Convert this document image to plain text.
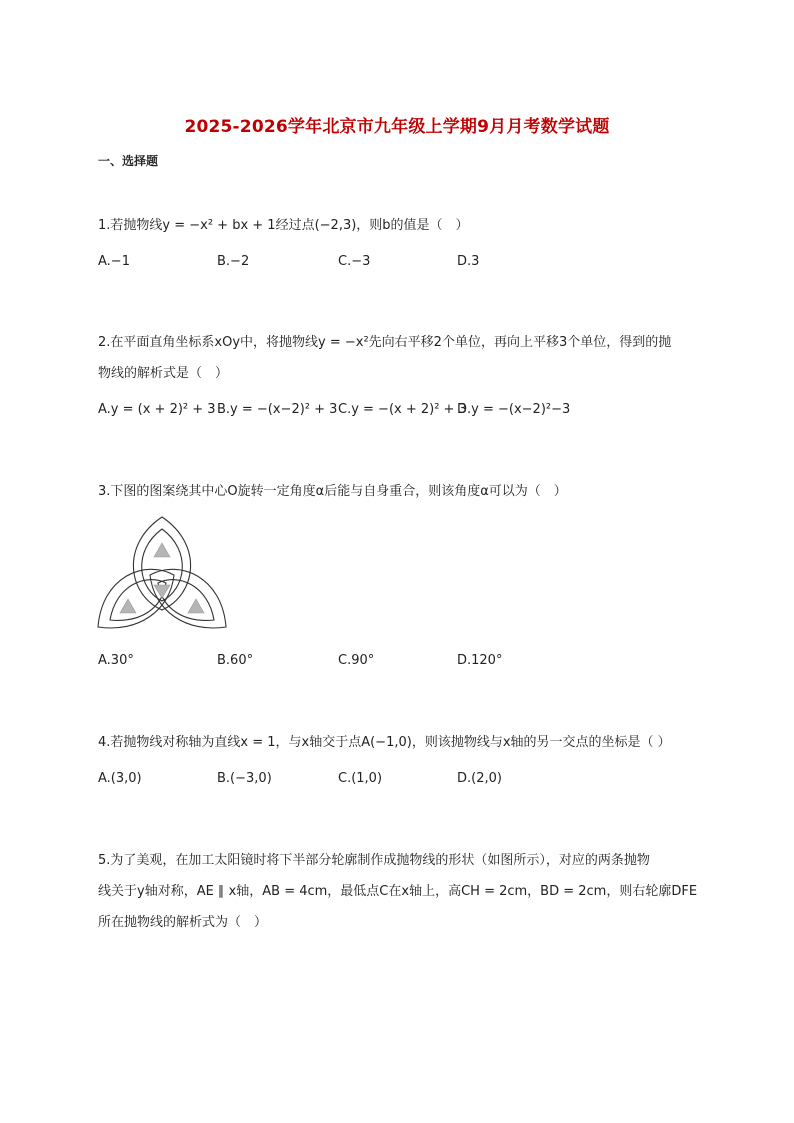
2025-2026学年北京市九年级上学期9月月考数学试题
一、选择题
1.若抛物线y = −x² + bx + 1经过点(−2,3)，则b的值是（　）
A.−1	B.−2	C.−3	D.3
2.在平面直角坐标系xOy中，将抛物线y = −x²先向右平移2个单位，再向上平移3个单位，得到的抛
物线的解析式是（　）
A.y = (x + 2)² + 3 B.y = −(x−2)² + 3 C.y = −(x + 2)² + 3
D.y = −(x−2)²−3
3.下图的图案绕其中心O旋转一定角度α后能与自身重合，则该角度α可以为（　）
A.30°	B.60°	C.90°	D.120°
4.若抛物线对称轴为直线x = 1，与x轴交于点A(−1,0)，则该抛物线与x轴的另一交点的坐标是（ ）
A.(3,0)	B.(−3,0)	C.(1,0)	D.(2,0)
5.为了美观，在加工太阳镜时将下半部分轮廓制作成抛物线的形状（如图所示），对应的两条抛物
线关于y轴对称，AE ∥ x轴，AB = 4cm，最低点C在x轴上，高CH = 2cm，BD = 2cm，则右轮廓DFE
所在抛物线的解析式为（　）
